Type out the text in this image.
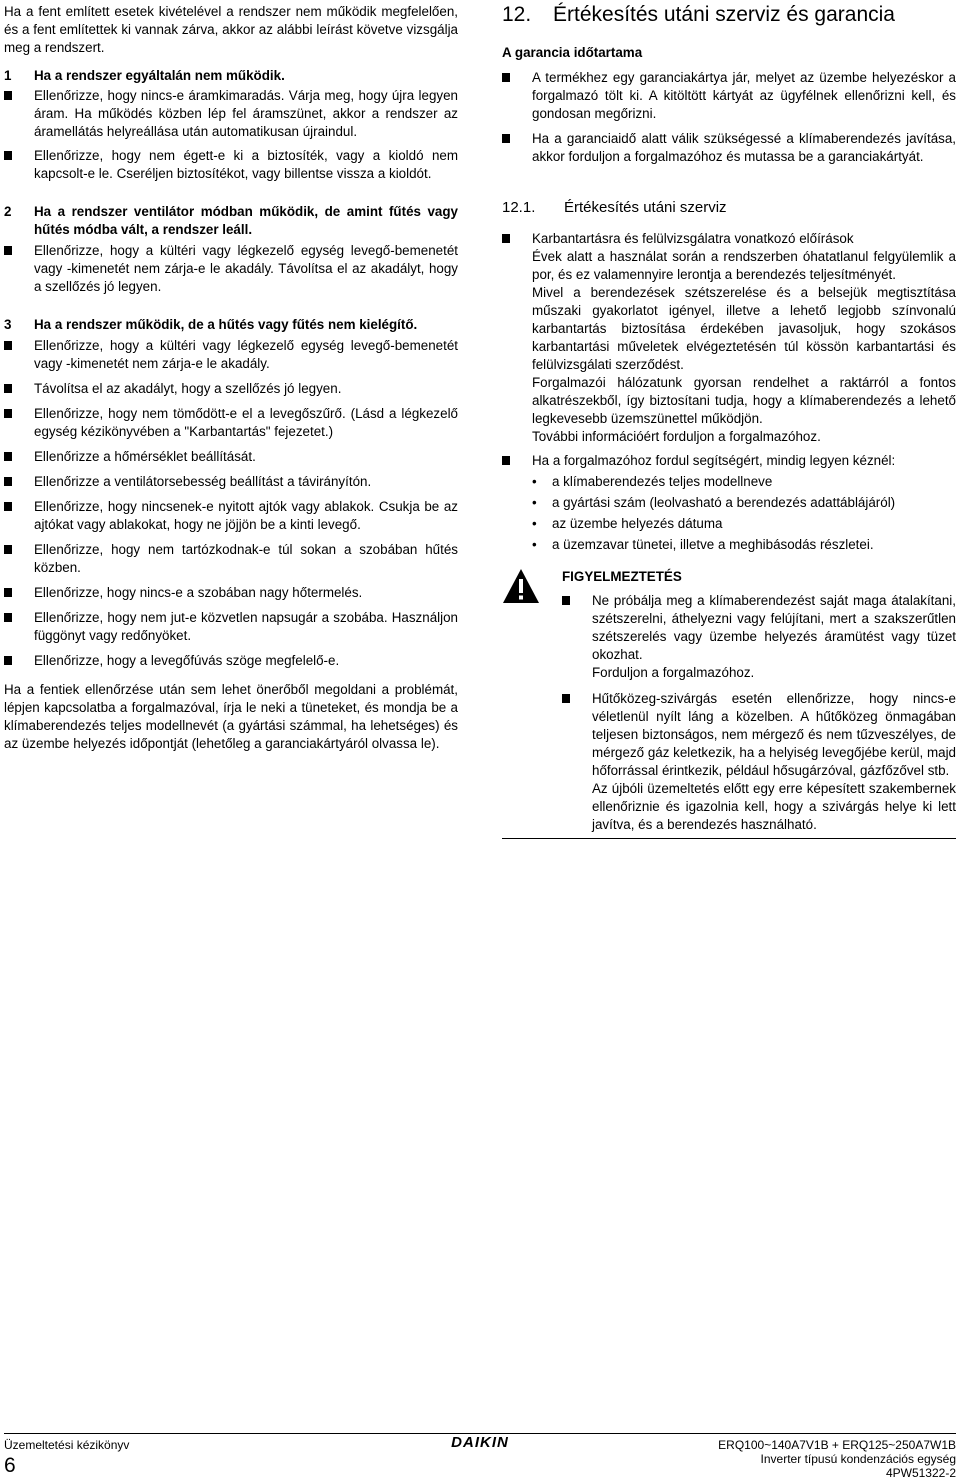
Ha a fent említett esetek kivételével a rendszer nem működik megfelelően, és a fent említettek ki vannak zárva, akkor az alábbi leírást követve vizsgálja meg a rendszert.

1 Ha a rendszer egyáltalán nem működik.

Ellenőrizze, hogy nincs-e áramkimaradás. Várja meg, hogy újra legyen áram. Ha működés közben lép fel áramszünet, akkor a rendszer az áramellátás helyreállása után automatikusan újraindul.

Ellenőrizze, hogy nem égett-e ki a biztosíték, vagy a kioldó nem kapcsolt-e le. Cseréljen biztosítékot, vagy billentse vissza a kioldót.

2 Ha a rendszer ventilátor módban működik, de amint fűtés vagy hűtés módba vált, a rendszer leáll.

Ellenőrizze, hogy a kültéri vagy légkezelő egység levegő-bemenetét vagy -kimenetét nem zárja-e le akadály. Távolítsa el az akadályt, hogy a szellőzés jó legyen.

3 Ha a rendszer működik, de a hűtés vagy fűtés nem kielégítő.

Ellenőrizze, hogy a kültéri vagy légkezelő egység levegő-bemenetét vagy -kimenetét nem zárja-e le akadály.

Távolítsa el az akadályt, hogy a szellőzés jó legyen.

Ellenőrizze, hogy nem tömődött-e el a levegőszűrő. (Lásd a légkezelő egység kézikönyvében a "Karbantartás" fejezetet.)

Ellenőrizze a hőmérséklet beállítását.

Ellenőrizze a ventilátorsebesség beállítást a távirányítón.

Ellenőrizze, hogy nincsenek-e nyitott ajtók vagy ablakok. Csukja be az ajtókat vagy ablakokat, hogy ne jöjjön be a kinti levegő.

Ellenőrizze, hogy nem tartózkodnak-e túl sokan a szobában hűtés közben.

Ellenőrizze, hogy nincs-e a szobában nagy hőtermelés.

Ellenőrizze, hogy nem jut-e közvetlen napsugár a szobába. Használjon függönyt vagy redőnyöket.

Ellenőrizze, hogy a levegőfúvás szöge megfelelő-e.

Ha a fentiek ellenőrzése után sem lehet önerőből megoldani a problémát, lépjen kapcsolatba a forgalmazóval, írja le neki a tüneteket, és mondja be a klímaberendezés teljes modellnevét (a gyártási számmal, ha lehetséges) és az üzembe helyezés időpontját (lehetőleg a garanciakártyáról olvassa le).

12. Értékesítés utáni szerviz és garancia

A garancia időtartama

A termékhez egy garanciakártya jár, melyet az üzembe helyezéskor a forgalmazó tölt ki. A kitöltött kártyát az ügyfélnek ellenőrizni kell, és gondosan megőrizni.

Ha a garanciaidő alatt válik szükségessé a klímaberendezés javítása, akkor forduljon a forgalmazóhoz és mutassa be a garanciakártyát.

12.1. Értékesítés utáni szerviz

Karbantartásra és felülvizsgálatra vonatkozó előírások

Évek alatt a használat során a rendszerben óhatatlanul felgyülemlik a por, és ez valamennyire lerontja a berendezés teljesítményét.

Mivel a berendezések szétszerelése és a belsejük megtisztítása műszaki gyakorlatot igényel, illetve a lehető legjobb színvonalú karbantartás biztosítása érdekében javasoljuk, hogy szokásos karbantartási műveletek elvégeztetésén túl kössön karbantartási és felülvizsgálati szerződést.

Forgalmazói hálózatunk gyorsan rendelhet a raktárról a fontos alkatrészekből, így biztosítani tudja, hogy a klímaberendezés a lehető legkevesebb üzemszünettel működjön.

További információért forduljon a forgalmazóhoz.

Ha a forgalmazóhoz fordul segítségért, mindig legyen kéznél:

• a klímaberendezés teljes modellneve

• a gyártási szám (leolvasható a berendezés adattáblájáról)

• az üzembe helyezés dátuma

• a üzemzavar tünetei, illetve a meghibásodás részletei.

FIGYELMEZTETÉS

Ne próbálja meg a klímaberendezést saját maga átalakítani, szétszerelni, áthelyezni vagy felújítani, mert a szakszerűtlen szétszerelés vagy üzembe helyezés áramütést vagy tüzet okozhat.

Forduljon a forgalmazóhoz.

Hűtőközeg-szivárgás esetén ellenőrizze, hogy nincs-e véletlenül nyílt láng a közelben. A hűtőközeg önmagában teljesen biztonságos, nem mérgező és nem tűzveszélyes, de mérgező gáz keletkezik, ha a helyiség levegőjébe kerül, majd hőforrással érintkezik, például hősugárzóval, gázfőzővel stb.

Az újbóli üzemeltetés előtt egy erre képesített szakembernek ellenőriznie és igazolnia kell, hogy a szivárgás helye ki lett javítva, és a berendezés használható.

Üzemeltetési kézikönyv
6
DAIKIN	ERQ100~140A7V1B + ERQ125~250A7W1B
Inverter típusú kondenzációs egység
4PW51322-2
